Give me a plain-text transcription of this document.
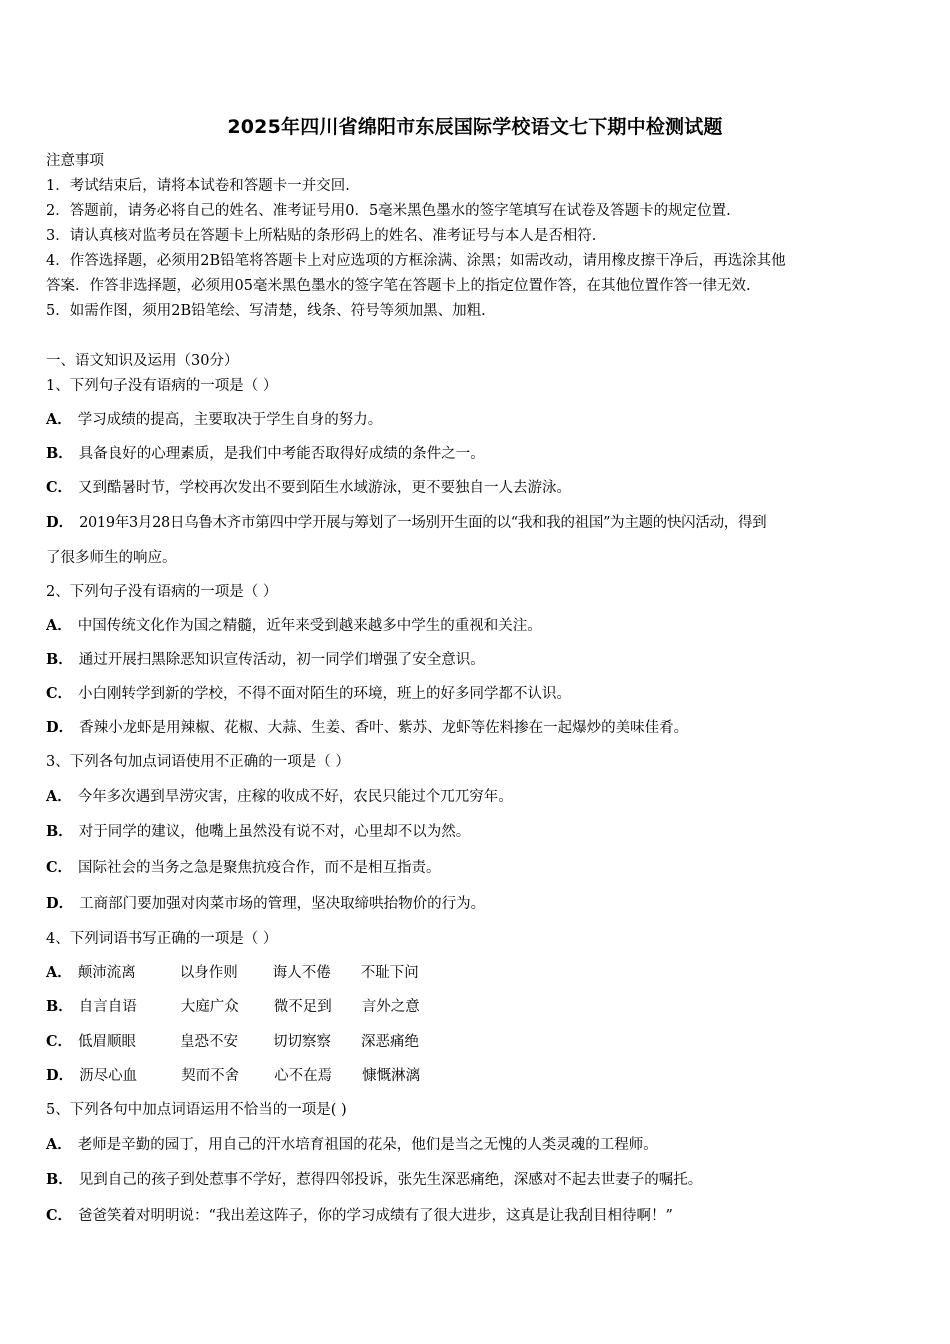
2025年四川省绵阳市东辰国际学校语文七下期中检测试题
注意事项
1．考试结束后，请将本试卷和答题卡一并交回.
2．答题前，请务必将自己的姓名、准考证号用0．5毫米黑色墨水的签字笔填写在试卷及答题卡的规定位置.
3．请认真核对监考员在答题卡上所粘贴的条形码上的姓名、准考证号与本人是否相符.
4．作答选择题，必须用2B铅笔将答题卡上对应选项的方框涂满、涂黑；如需改动，请用橡皮擦干净后，再选涂其他
答案．作答非选择题，必须用05毫米黑色墨水的签字笔在答题卡上的指定位置作答，在其他位置作答一律无效.
5．如需作图，须用2B铅笔绘、写清楚，线条、符号等须加黑、加粗.
一、语文知识及运用（30分）
1、下列句子没有语病的一项是（ ）
A． 学习成绩的提高，主要取决于学生自身的努力。
B． 具备良好的心理素质，是我们中考能否取得好成绩的条件之一。
C． 又到酷暑时节，学校再次发出不要到陌生水域游泳，更不要独自一人去游泳。
D． 2019年3月28日乌鲁木齐市第四中学开展与筹划了一场别开生面的以“我和我的祖国”为主题的快闪活动，得到
了很多师生的响应。
2、下列句子没有语病的一项是（ ）
A． 中国传统文化作为国之精髓，近年来受到越来越多中学生的重视和关注。
B． 通过开展扫黑除恶知识宣传活动，初一同学们增强了安全意识。
C． 小白刚转学到新的学校，不得不面对陌生的环境，班上的好多同学都不认识。
D． 香辣小龙虾是用辣椒、花椒、大蒜、生姜、香叶、紫苏、龙虾等佐料掺在一起爆炒的美味佳肴。
3、下列各句加点词语使用不正确的一项是（ ）
A． 今年多次遇到旱涝灾害，庄稼的收成不好，农民只能过个兀兀穷年。
B． 对于同学的建议，他嘴上虽然没有说不对，心里却不以为然。
C． 国际社会的当务之急是聚焦抗疫合作，而不是相互指责。
D． 工商部门要加强对肉菜市场的管理，坚决取缔哄抬物价的行为。
4、下列词语书写正确的一项是（ ）
A． 颠沛流离	以身作则 诲人不倦 不耻下问
B． 自言自语	大庭广众 微不足到 言外之意
C． 低眉顺眼	皇恐不安 切切察察 深恶痛绝
D． 沥尽心血	契而不舍 心不在焉 慷慨淋漓
5、下列各句中加点词语运用不恰当的一项是( )
A． 老师是辛勤的园丁，用自己的汗水培育祖国的花朵，他们是当之无愧的人类灵魂的工程师。
B． 见到自己的孩子到处惹事不学好，惹得四邻投诉，张先生深恶痛绝，深感对不起去世妻子的嘱托。
C． 爸爸笑着对明明说：“我出差这阵子，你的学习成绩有了很大进步，这真是让我刮目相待啊！”
